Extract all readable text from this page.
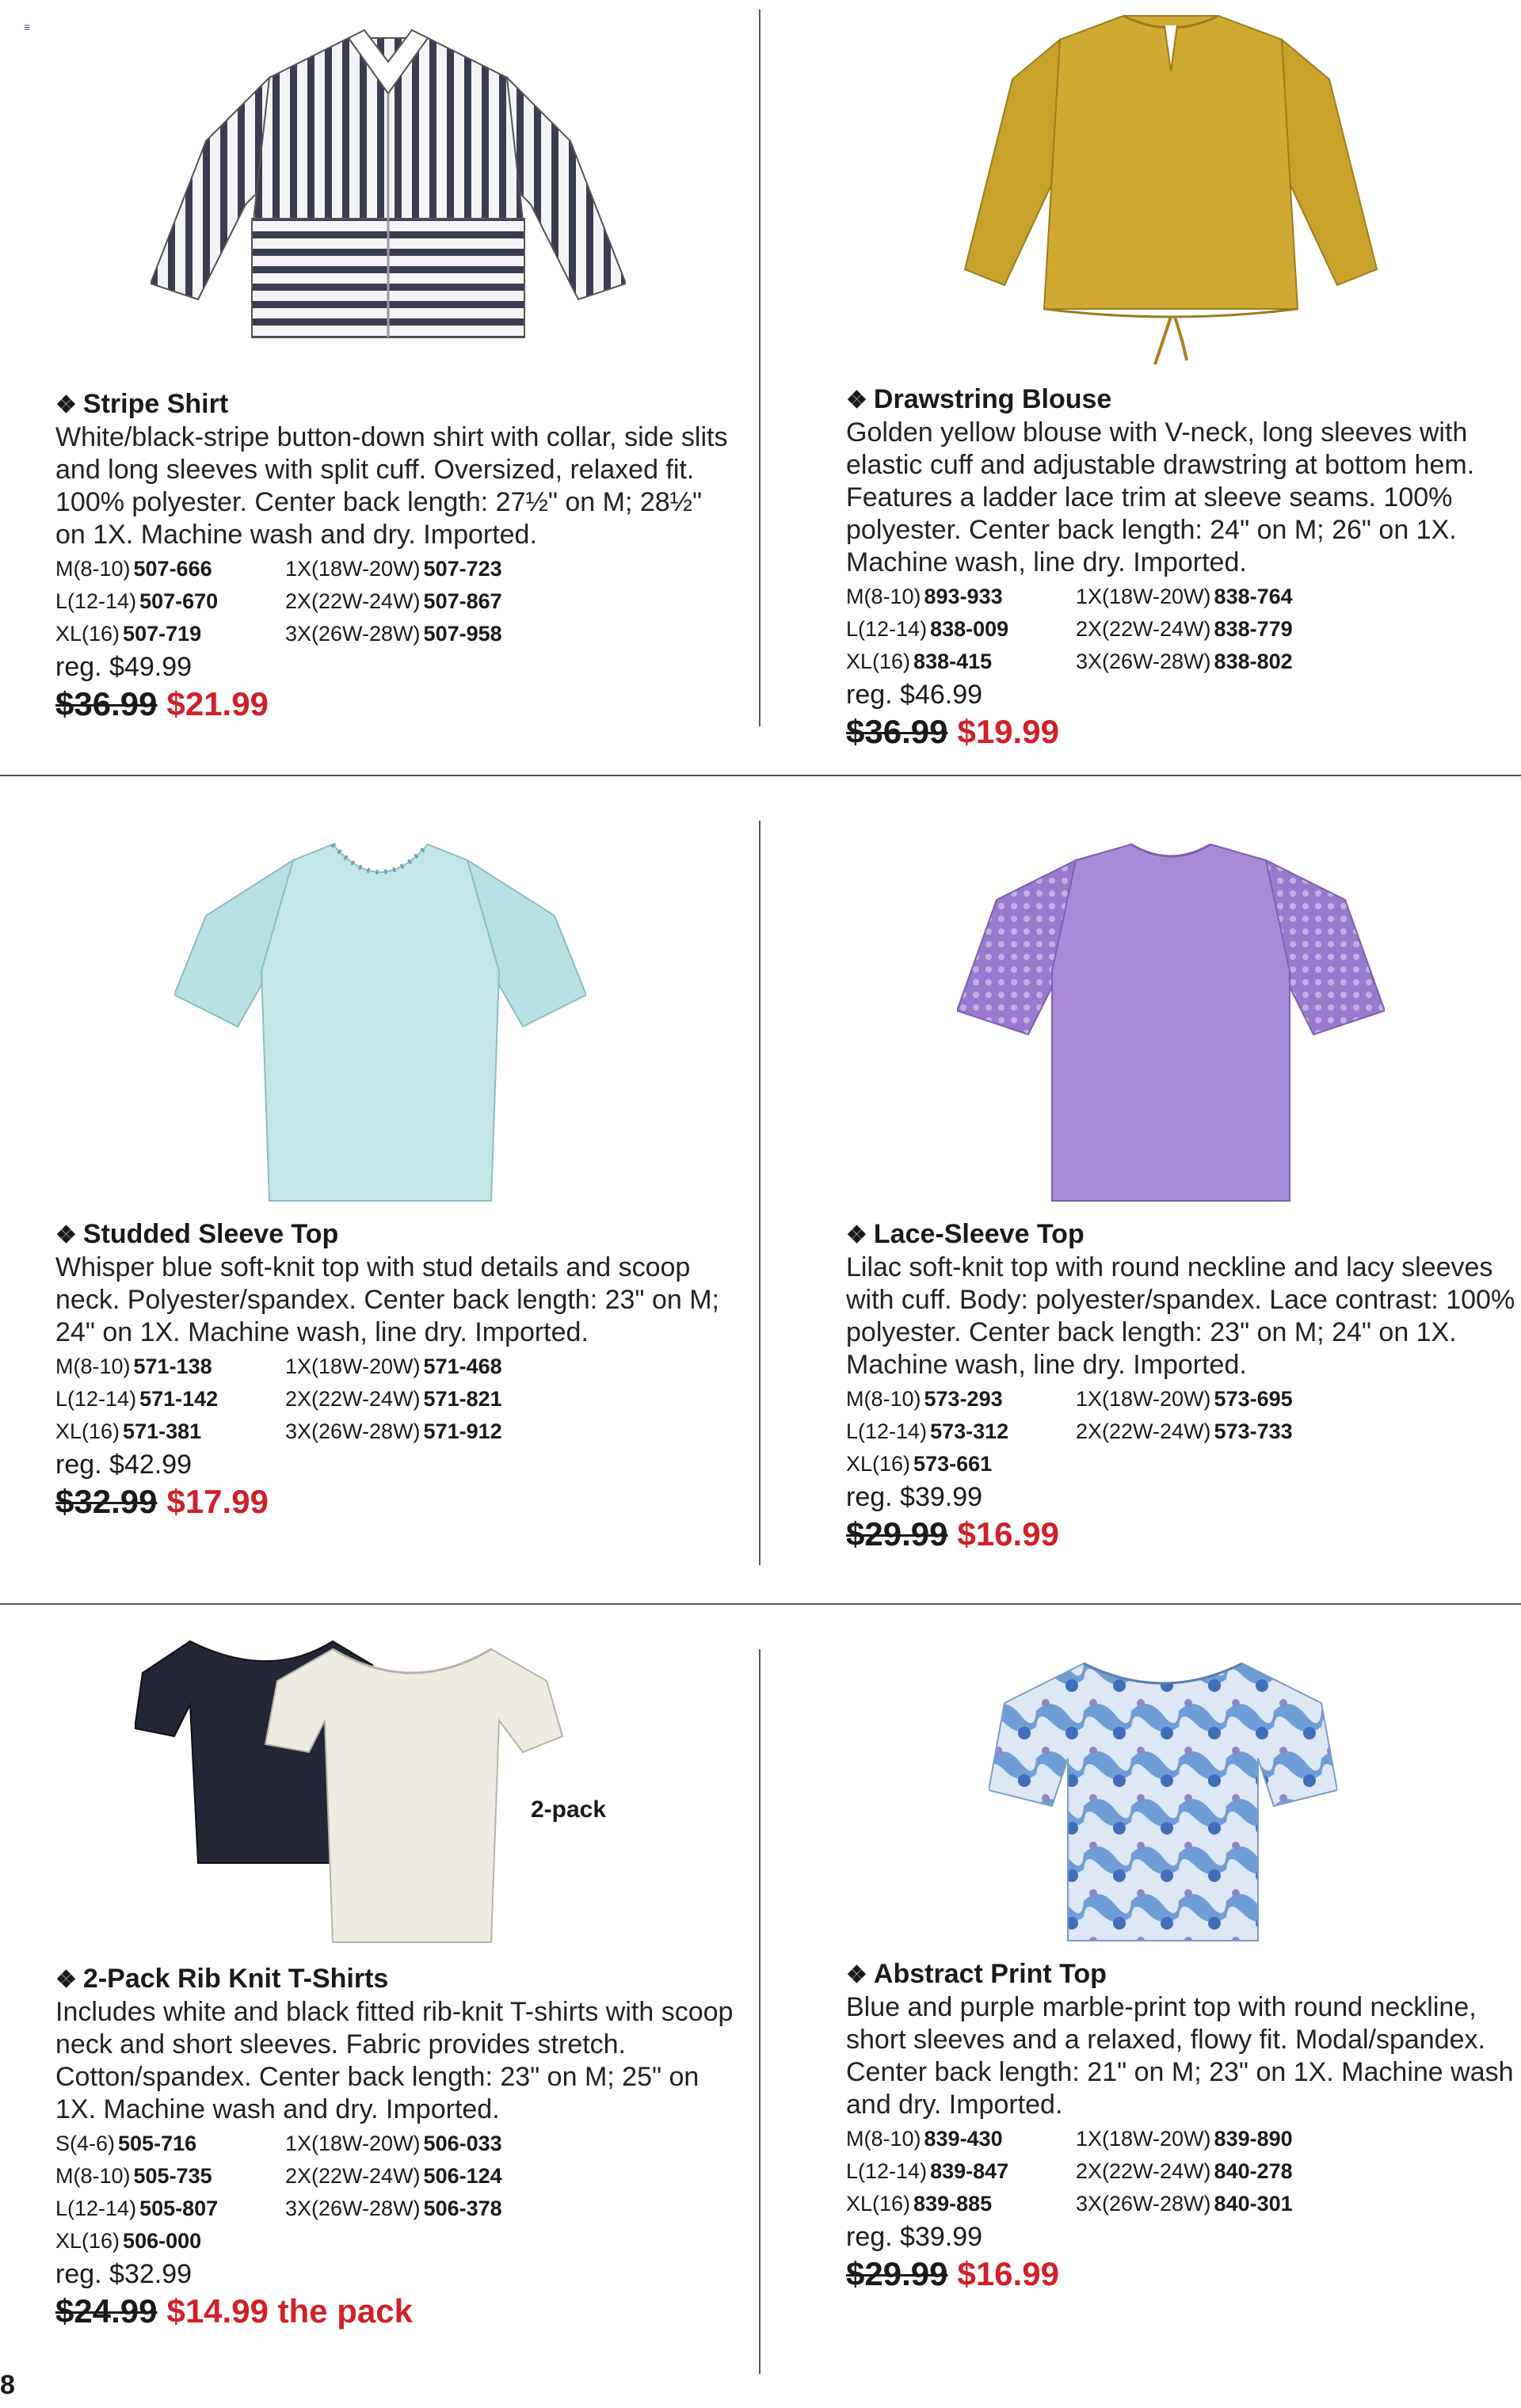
≡
❖ Stripe Shirt

White/black-stripe button-down shirt with collar, side slits and long sleeves with split cuff. Oversized, relaxed fit. 100% polyester. Center back length: 27½" on M; 28½" on 1X. Machine wash and dry. Imported.

M(8-10) 507-666	1X(18W-20W) 507-723
L(12-14) 507-670	2X(22W-24W) 507-867
XL(16) 507-719	3X(26W-28W) 507-958
reg. $49.99
$36.99 $21.99
❖ Drawstring Blouse

Golden yellow blouse with V-neck, long sleeves with elastic cuff and adjustable drawstring at bottom hem. Features a ladder lace trim at sleeve seams. 100% polyester. Center back length: 24" on M; 26" on 1X. Machine wash, line dry. Imported.

M(8-10) 893-933	1X(18W-20W) 838-764
L(12-14) 838-009	2X(22W-24W) 838-779
XL(16) 838-415	3X(26W-28W) 838-802
reg. $46.99
$36.99 $19.99
❖ Studded Sleeve Top

Whisper blue soft-knit top with stud details and scoop neck. Polyester/spandex. Center back length: 23" on M; 24" on 1X. Machine wash, line dry. Imported.

M(8-10) 571-138	1X(18W-20W) 571-468
L(12-14) 571-142	2X(22W-24W) 571-821
XL(16) 571-381	3X(26W-28W) 571-912
reg. $42.99
$32.99 $17.99
❖ Lace-Sleeve Top

Lilac soft-knit top with round neckline and lacy sleeves with cuff. Body: polyester/spandex. Lace contrast: 100% polyester. Center back length: 23" on M; 24" on 1X. Machine wash, line dry. Imported.

M(8-10) 573-293	1X(18W-20W) 573-695
L(12-14) 573-312	2X(22W-24W) 573-733
XL(16) 573-661
reg. $39.99
$29.99 $16.99
2-pack
❖ 2-Pack Rib Knit T-Shirts

Includes white and black fitted rib-knit T-shirts with scoop neck and short sleeves. Fabric provides stretch. Cotton/spandex. Center back length: 23" on M; 25" on 1X. Machine wash and dry. Imported.

S(4-6) 505-716	1X(18W-20W) 506-033
M(8-10) 505-735	2X(22W-24W) 506-124
L(12-14) 505-807	3X(26W-28W) 506-378
XL(16) 506-000
reg. $32.99
$24.99 $14.99 the pack
❖ Abstract Print Top

Blue and purple marble-print top with round neckline, short sleeves and a relaxed, flowy fit. Modal/spandex. Center back length: 21" on M; 23" on 1X. Machine wash and dry. Imported.

M(8-10) 839-430	1X(18W-20W) 839-890
L(12-14) 839-847	2X(22W-24W) 840-278
XL(16) 839-885	3X(26W-28W) 840-301
reg. $39.99
$29.99 $16.99
8
